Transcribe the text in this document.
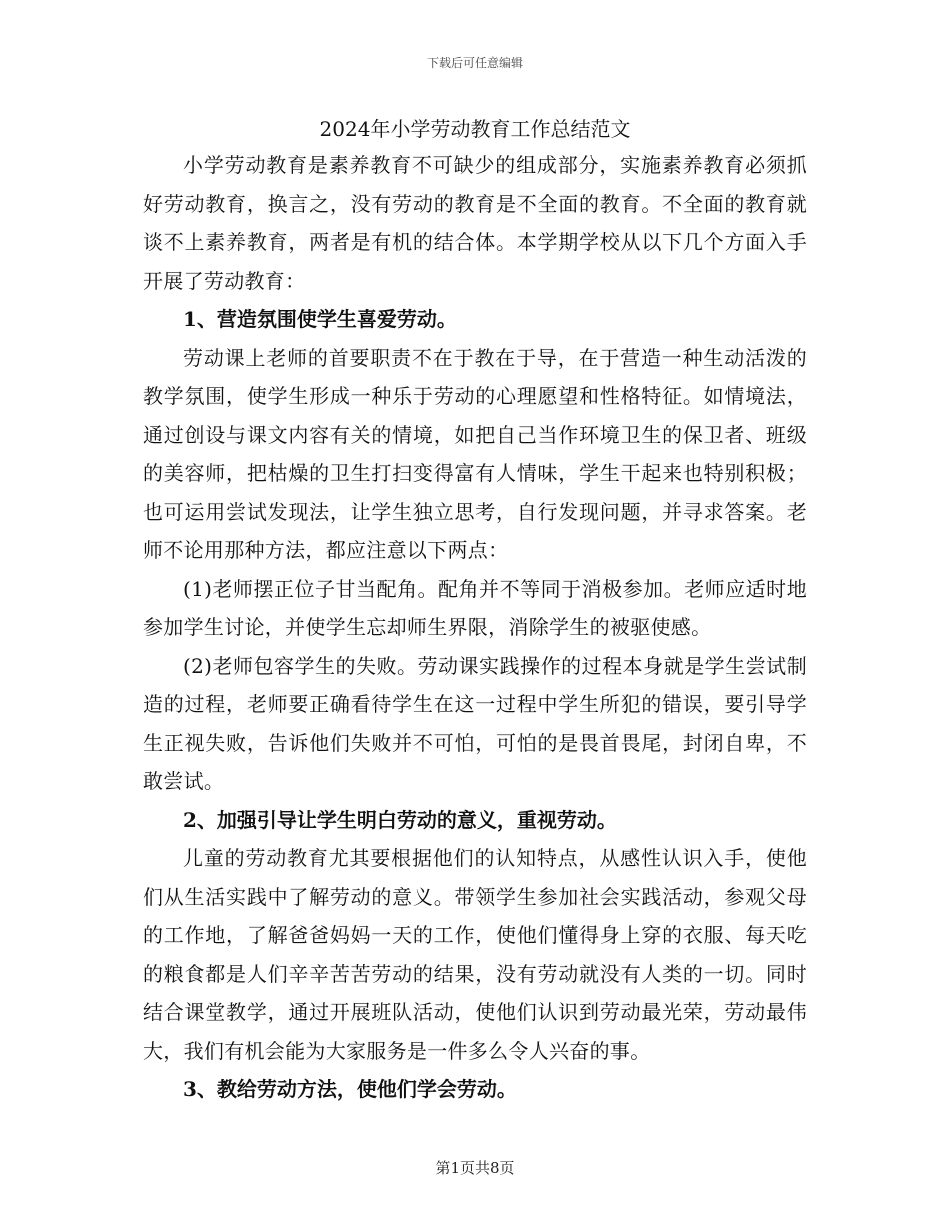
下载后可任意编辑
2024年小学劳动教育工作总结范文

小学劳动教育是素养教育不可缺少的组成部分，实施素养教育必须抓好劳动教育，换言之，没有劳动的教育是不全面的教育。不全面的教育就谈不上素养教育，两者是有机的结合体。本学期学校从以下几个方面入手开展了劳动教育：

1、营造氛围使学生喜爱劳动。

劳动课上老师的首要职责不在于教在于导，在于营造一种生动活泼的教学氛围，使学生形成一种乐于劳动的心理愿望和性格特征。如情境法，通过创设与课文内容有关的情境，如把自己当作环境卫生的保卫者、班级的美容师，把枯燥的卫生打扫变得富有人情味，学生干起来也特别积极；也可运用尝试发现法，让学生独立思考，自行发现问题，并寻求答案。老师不论用那种方法，都应注意以下两点：

(1)老师摆正位子甘当配角。配角并不等同于消极参加。老师应适时地参加学生讨论，并使学生忘却师生界限，消除学生的被驱使感。

(2)老师包容学生的失败。劳动课实践操作的过程本身就是学生尝试制造的过程，老师要正确看待学生在这一过程中学生所犯的错误，要引导学生正视失败，告诉他们失败并不可怕，可怕的是畏首畏尾，封闭自卑，不敢尝试。

2、加强引导让学生明白劳动的意义，重视劳动。

儿童的劳动教育尤其要根据他们的认知特点，从感性认识入手，使他们从生活实践中了解劳动的意义。带领学生参加社会实践活动，参观父母的工作地，了解爸爸妈妈一天的工作，使他们懂得身上穿的衣服、每天吃的粮食都是人们辛辛苦苦劳动的结果，没有劳动就没有人类的一切。同时结合课堂教学，通过开展班队活动，使他们认识到劳动最光荣，劳动最伟大，我们有机会能为大家服务是一件多么令人兴奋的事。

3、教给劳动方法，使他们学会劳动。

第1页共8页
